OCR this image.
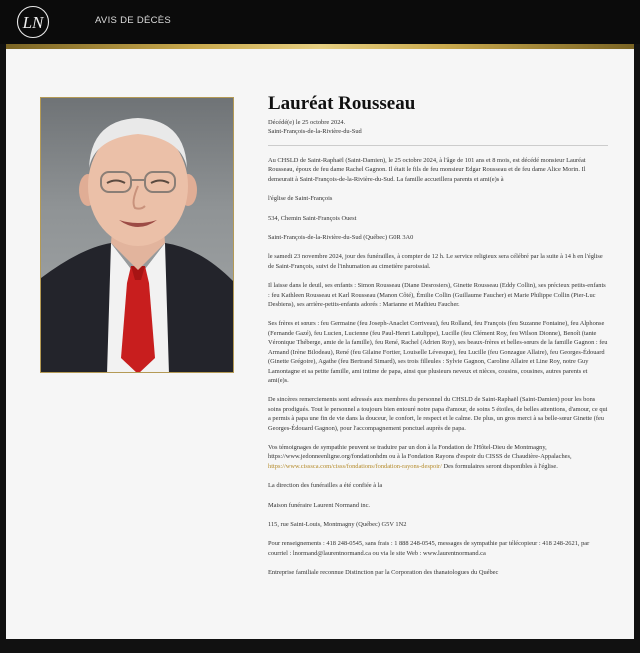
LN	AVIS DE DÉCÈS
Lauréat Rousseau
Décédé(e) le 25 octobre 2024.
Saint-François-de-la-Rivière-du-Sud

Au CHSLD de Saint-Raphaël (Saint-Damien), le 25 octobre 2024, à l'âge de 101 ans et 8 mois, est décédé monsieur Lauréat Rousseau, époux de feu dame Rachel Gagnon. Il était le fils de feu monsieur Edgar Rousseau et de feu dame Alice Morin. Il demeurait à Saint-François-de-la-Rivière-du-Sud. La famille accueillera parents et ami(e)s à

l'église de Saint-François

534, Chemin Saint-François Ouest

Saint-François-de-la-Rivière-du-Sud (Québec) G0R 3A0

le samedi 23 novembre 2024, jour des funérailles, à compter de 12 h. Le service religieux sera célébré par la suite à 14 h en l'église de Saint-François, suivi de l'inhumation au cimetière paroissial.

Il laisse dans le deuil, ses enfants : Simon Rousseau (Diane Desrosiers), Ginette Rousseau (Eddy Collin), ses précieux petits-enfants : feu Kathleen Rousseau et Karl Rousseau (Manon Côté), Émilie Collin (Guillaume Faucher) et Marie Philippe Collin (Pier-Luc Desbiens), ses arrière-petits-enfants adorés : Marianne et Mathieu Faucher.

Ses frères et sœurs : feu Germaine (feu Joseph-Anaclet Corriveau), feu Rolland, feu François (feu Suzanne Fontaine), feu Alphonse (Fernande Gazé), feu Lucien, Lucienne (feu Paul-Henri Latulippe), Lucille (feu Clément Roy, feu Wilson Dionne), Benoît (tante Véronique Théberge, amie de la famille), feu René, Rachel (Adrien Roy), ses beaux-frères et belles-sœurs de la famille Gagnon : feu Armand (Irène Bilodeau), René (feu Gilaine Fortier, Louiselle Lévesque), feu Lucille (feu Gonzague Allaire), feu Georges-Édouard (Ginette Grégoire), Agathe (feu Bertrand Simard), ses trois filleules : Sylvie Gagnon, Caroline Allaire et Line Roy, notre Guy Lamontagne et sa petite famille, ami intime de papa, ainsi que plusieurs neveux et nièces, cousins, cousines, autres parents et ami(e)s.

De sincères remerciements sont adressés aux membres du personnel du CHSLD de Saint-Raphaël (Saint-Damien) pour les bons soins prodigués. Tout le personnel a toujours bien entouré notre papa d'amour, de soins 5 étoiles, de belles attentions, d'amour, ce qui a permis à papa une fin de vie dans la douceur, le confort, le respect et le calme. De plus, un gros merci à sa belle-sœur Ginette (feu Georges-Édouard Gagnon), pour l'accompagnement ponctuel auprès de papa.

Vos témoignages de sympathie peuvent se traduire par un don à la Fondation de l'Hôtel-Dieu de Montmagny, https://www.jedonneenligne.org/fondationhdm ou à la Fondation Rayons d'espoir du CISSS de Chaudière-Appalaches, https://www.cisssca.com/cisss/fondations/fondation-rayons-despoir/ Des formulaires seront disponibles à l'église.

La direction des funérailles a été confiée à la

Maison funéraire Laurent Normand inc.

115, rue Saint-Louis, Montmagny (Québec) G5V 1N2

Pour renseignements : 418 248-0545, sans frais : 1 888 248-0545, messages de sympathie par télécopieur : 418 248-2621, par courriel : lnormand@laurentnormand.ca ou via le site Web : www.laurentnormand.ca

Entreprise familiale reconnue Distinction par la Corporation des thanatologues du Québec
